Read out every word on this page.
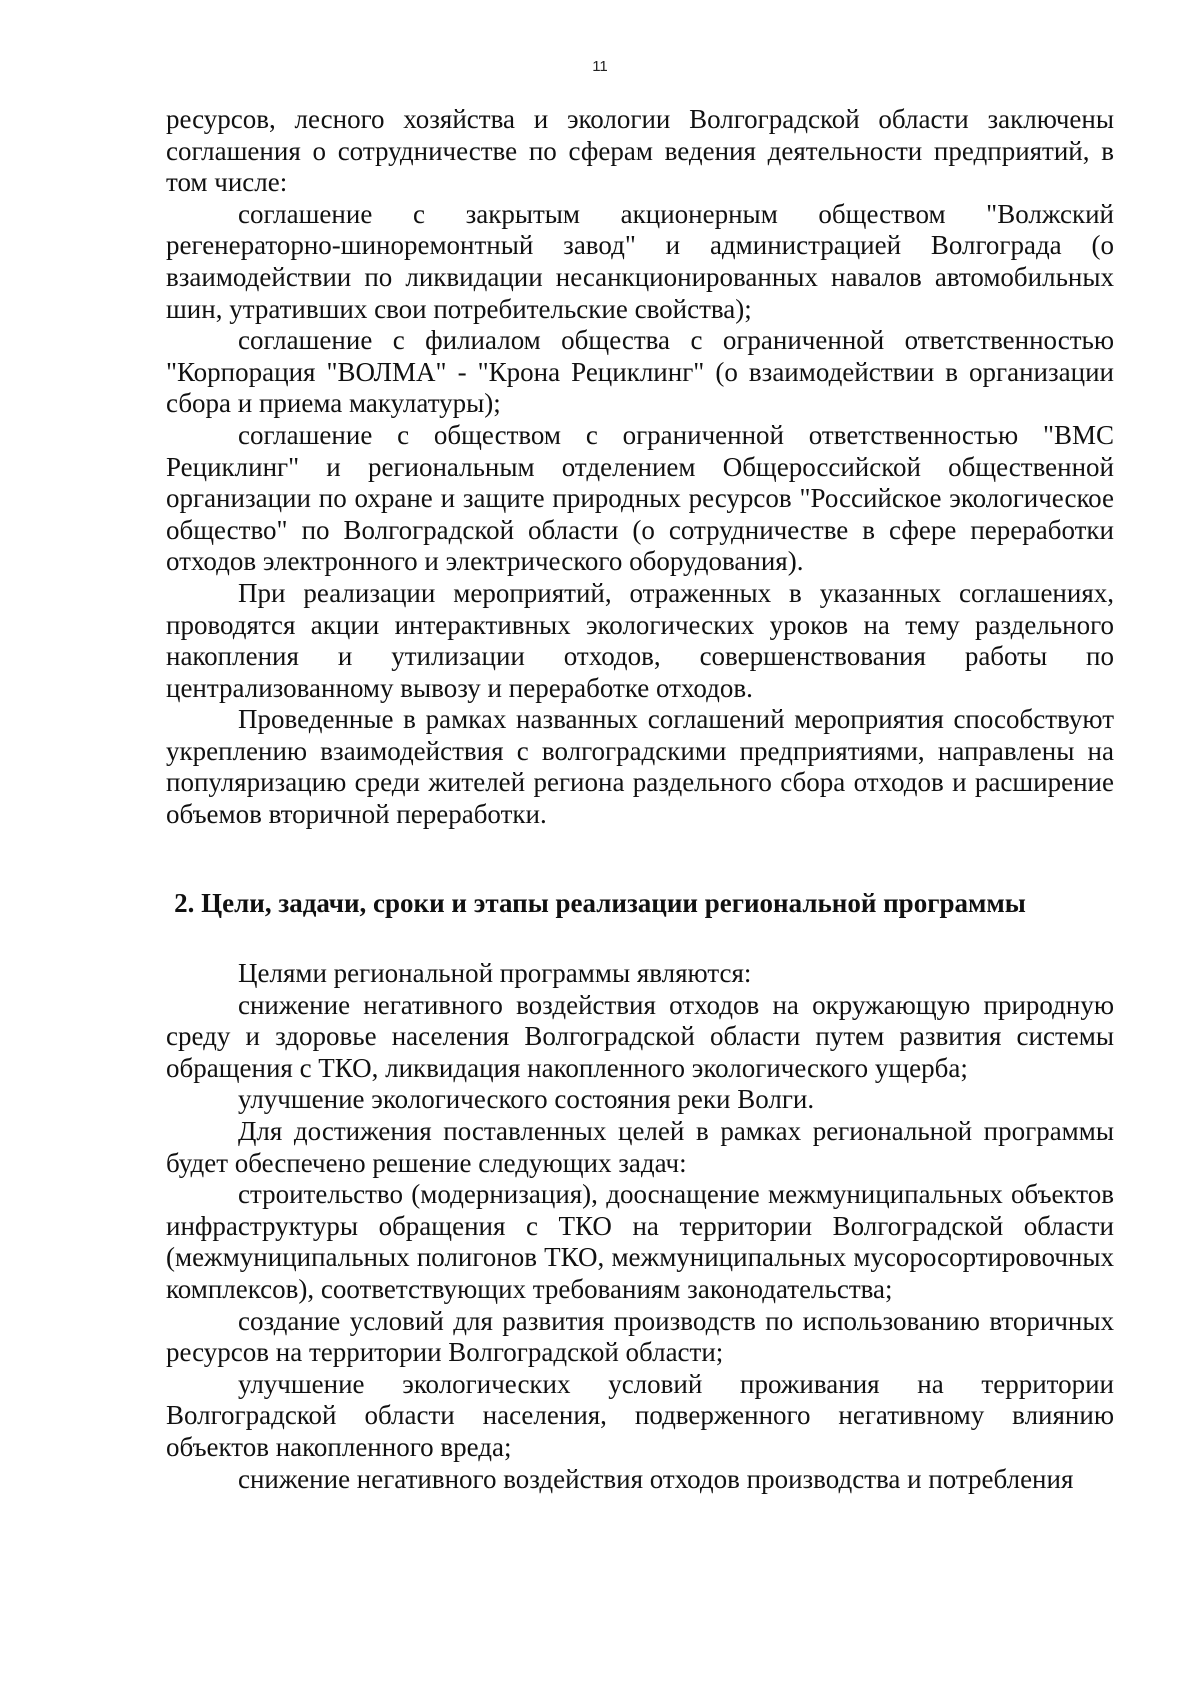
11

ресурсов, лесного хозяйства и экологии Волгоградской области заключены соглашения о сотрудничестве по сферам ведения деятельности предприятий, в том числе:

соглашение с закрытым акционерным обществом "Волжский регенераторно-шиноремонтный завод" и администрацией Волгограда (о взаимодействии по ликвидации несанкционированных навалов автомобильных шин, утративших свои потребительские свойства);

соглашение с филиалом общества с ограниченной ответственностью "Корпорация "ВОЛМА" - "Крона Рециклинг" (о взаимодействии в организации сбора и приема макулатуры);

соглашение с обществом с ограниченной ответственностью "ВМС Рециклинг" и региональным отделением Общероссийской общественной организации по охране и защите природных ресурсов "Российское экологическое общество" по Волгоградской области (о сотрудничестве в сфере переработки отходов электронного и электрического оборудования).

При реализации мероприятий, отраженных в указанных соглашениях, проводятся акции интерактивных экологических уроков на тему раздельного накопления и утилизации отходов, совершенствования работы по централизованному вывозу и переработке отходов.

Проведенные в рамках названных соглашений мероприятия способствуют укреплению взаимодействия с волгоградскими предприятиями, направлены на популяризацию среди жителей региона раздельного сбора отходов и расширение объемов вторичной переработки.

2. Цели, задачи, сроки и этапы реализации региональной программы

Целями региональной программы являются:

снижение негативного воздействия отходов на окружающую природную среду и здоровье населения Волгоградской области путем развития системы обращения с ТКО, ликвидация накопленного экологического ущерба;

улучшение экологического состояния реки Волги.

Для достижения поставленных целей в рамках региональной программы будет обеспечено решение следующих задач:

строительство (модернизация), дооснащение межмуниципальных объектов инфраструктуры обращения с ТКО на территории Волгоградской области (межмуниципальных полигонов ТКО, межмуниципальных мусоросортировочных комплексов), соответствующих требованиям законодательства;

создание условий для развития производств по использованию вторичных ресурсов на территории Волгоградской области;

улучшение экологических условий проживания на территории Волгоградской области населения, подверженного негативному влиянию объектов накопленного вреда;

снижение негативного воздействия отходов производства и потребления
